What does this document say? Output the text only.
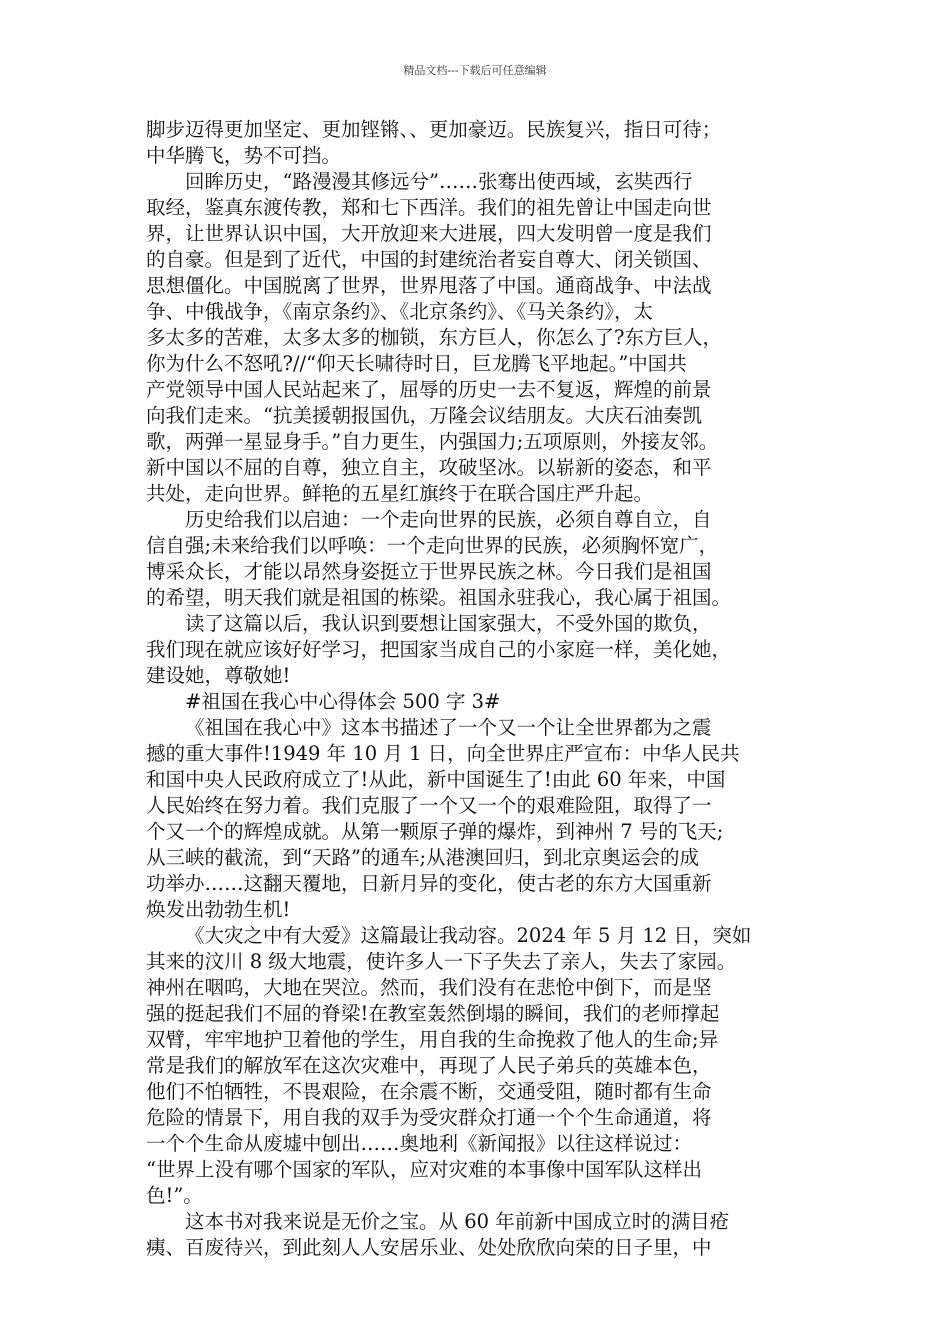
精品文档---下载后可任意编辑
脚步迈得更加坚定、更加铿锵、、更加豪迈。民族复兴，指日可待；
中华腾飞，势不可挡。
回眸历史，“路漫漫其修远兮”……张骞出使西域，玄奘西行
取经，鉴真东渡传教，郑和七下西洋。我们的祖先曾让中国走向世
界，让世界认识中国，大开放迎来大进展，四大发明曾一度是我们
的自豪。但是到了近代，中国的封建统治者妄自尊大、闭关锁国、
思想僵化。中国脱离了世界，世界甩落了中国。通商战争、中法战
争、中俄战争，《南京条约》、《北京条约》、《马关条约》，太
多太多的苦难，太多太多的枷锁，东方巨人，你怎么了?东方巨人，
你为什么不怒吼?//“仰天长啸待时日，巨龙腾飞平地起。”中国共
产党领导中国人民站起来了，屈辱的历史一去不复返，辉煌的前景
向我们走来。“抗美援朝报国仇，万隆会议结朋友。大庆石油奏凯
歌，两弹一星显身手。”自力更生，内强国力;五项原则，外接友邻。
新中国以不屈的自尊，独立自主，攻破坚冰。以崭新的姿态，和平
共处，走向世界。鲜艳的五星红旗终于在联合国庄严升起。
历史给我们以启迪：一个走向世界的民族，必须自尊自立，自
信自强;未来给我们以呼唤：一个走向世界的民族，必须胸怀宽广，
博采众长，才能以昂然身姿挺立于世界民族之林。今日我们是祖国
的希望，明天我们就是祖国的栋梁。祖国永驻我心，我心属于祖国。
读了这篇以后，我认识到要想让国家强大，不受外国的欺负，
我们现在就应该好好学习，把国家当成自己的小家庭一样，美化她，
建设她，尊敬她!
#祖国在我心中心得体会 500 字 3#
《祖国在我心中》这本书描述了一个又一个让全世界都为之震
撼的重大事件!1949 年 10 月 1 日，向全世界庄严宣布：中华人民共
和国中央人民政府成立了!从此，新中国诞生了!由此 60 年来，中国
人民始终在努力着。我们克服了一个又一个的艰难险阻，取得了一
个又一个的辉煌成就。从第一颗原子弹的爆炸，到神州 7 号的飞天;
从三峡的截流，到“天路”的通车;从港澳回归，到北京奥运会的成
功举办……这翻天覆地，日新月异的变化，使古老的东方大国重新
焕发出勃勃生机!
《大灾之中有大爱》这篇最让我动容。2024 年 5 月 12 日，突如
其来的汶川 8 级大地震，使许多人一下子失去了亲人，失去了家园。
神州在咽呜，大地在哭泣。然而，我们没有在悲怆中倒下，而是坚
强的挺起我们不屈的脊梁!在教室轰然倒塌的瞬间，我们的老师撑起
双臂，牢牢地护卫着他的学生，用自我的生命挽救了他人的生命;异
常是我们的解放军在这次灾难中，再现了人民子弟兵的英雄本色，
他们不怕牺牲，不畏艰险，在余震不断，交通受阻，随时都有生命
危险的情景下，用自我的双手为受灾群众打通一个个生命通道，将
一个个生命从废墟中刨出……奥地利《新闻报》以往这样说过：
“世界上没有哪个国家的军队，应对灾难的本事像中国军队这样出
色!”。
这本书对我来说是无价之宝。从 60 年前新中国成立时的满目疮
痍、百废待兴，到此刻人人安居乐业、处处欣欣向荣的日子里，中
